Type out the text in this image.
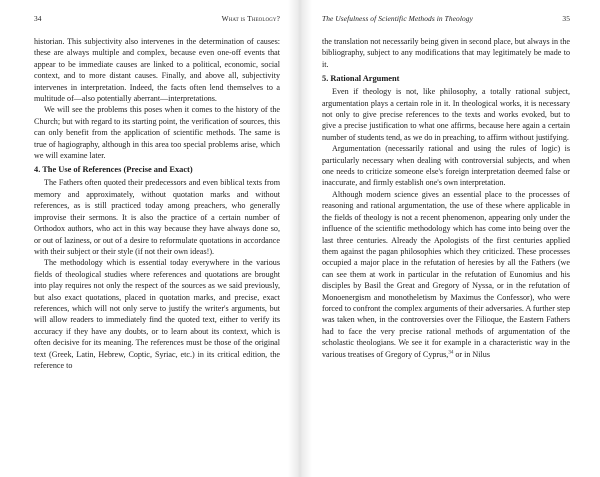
34	What is Theology?

historian. This subjectivity also intervenes in the determination of causes: these are always multiple and complex, because even one-off events that appear to be immediate causes are linked to a political, economic, social context, and to more distant causes. Finally, and above all, subjectivity intervenes in interpretation. Indeed, the facts often lend themselves to a multitude of—also potentially aberrant—interpretations.

We will see the problems this poses when it comes to the history of the Church; but with regard to its starting point, the verification of sources, this can only benefit from the application of scientific methods. The same is true of hagiography, although in this area too special problems arise, which we will examine later.

4. The Use of References (Precise and Exact)

The Fathers often quoted their predecessors and even biblical texts from memory and approximately, without quotation marks and without references, as is still practiced today among preachers, who generally improvise their sermons. It is also the practice of a certain number of Orthodox authors, who act in this way because they have always done so, or out of laziness, or out of a desire to reformulate quotations in accordance with their subject or their style (if not their own ideas!).

The methodology which is essential today everywhere in the various fields of theological studies where references and quotations are brought into play requires not only the respect of the sources as we said previously, but also exact quotations, placed in quotation marks, and precise, exact references, which will not only serve to justify the writer's arguments, but will allow readers to immediately find the quoted text, either to verify its accuracy if they have any doubts, or to learn about its context, which is often decisive for its meaning. The references must be those of the original text (Greek, Latin, Hebrew, Coptic, Syriac, etc.) in its critical edition, the reference to

The Usefulness of Scientific Methods in Theology	35

the translation not necessarily being given in second place, but always in the bibliography, subject to any modifications that may legitimately be made to it.

5. Rational Argument

Even if theology is not, like philosophy, a totally rational subject, argumentation plays a certain role in it. In theological works, it is necessary not only to give precise references to the texts and works evoked, but to give a precise justification to what one affirms, because here again a certain number of students tend, as we do in preaching, to affirm without justifying.

Argumentation (necessarily rational and using the rules of logic) is particularly necessary when dealing with controversial subjects, and when one needs to criticize someone else's foreign interpretation deemed false or inaccurate, and firmly establish one's own interpretation.

Although modern science gives an essential place to the processes of reasoning and rational argumentation, the use of these where applicable in the fields of theology is not a recent phenomenon, appearing only under the influence of the scientific methodology which has come into being over the last three centuries. Already the Apologists of the first centuries applied them against the pagan philosophies which they criticized. These processes occupied a major place in the refutation of heresies by all the Fathers (we can see them at work in particular in the refutation of Eunomius and his disciples by Basil the Great and Gregory of Nyssa, or in the refutation of Monoenergism and monotheletism by Maximus the Confessor), who were forced to confront the complex arguments of their adversaries. A further step was taken when, in the controversies over the Filioque, the Eastern Fathers had to face the very precise rational methods of argumentation of the scholastic theologians. We see it for example in a characteristic way in the various treatises of Gregory of Cyprus,$^{34}$ or in Nilus
